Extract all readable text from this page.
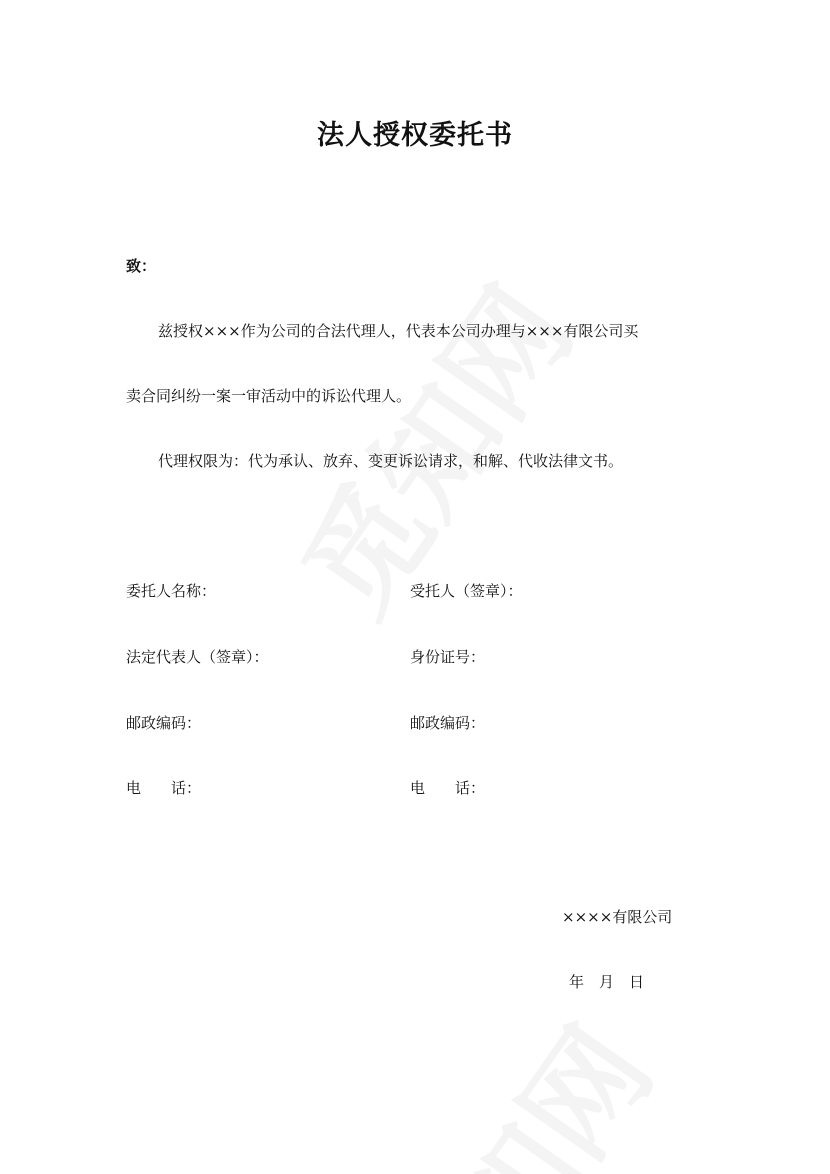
法人授权委托书
致：
兹授权×××作为公司的合法代理人，代表本公司办理与×××有限公司买
卖合同纠纷一案一审活动中的诉讼代理人。
代理权限为：代为承认、放弃、变更诉讼请求，和解、代收法律文书。
委托人名称：	受托人（签章）：
法定代表人（签章）：	身份证号：
邮政编码：	邮政编码：
电　　话：	电　　话：
××××有限公司
年　月　日
